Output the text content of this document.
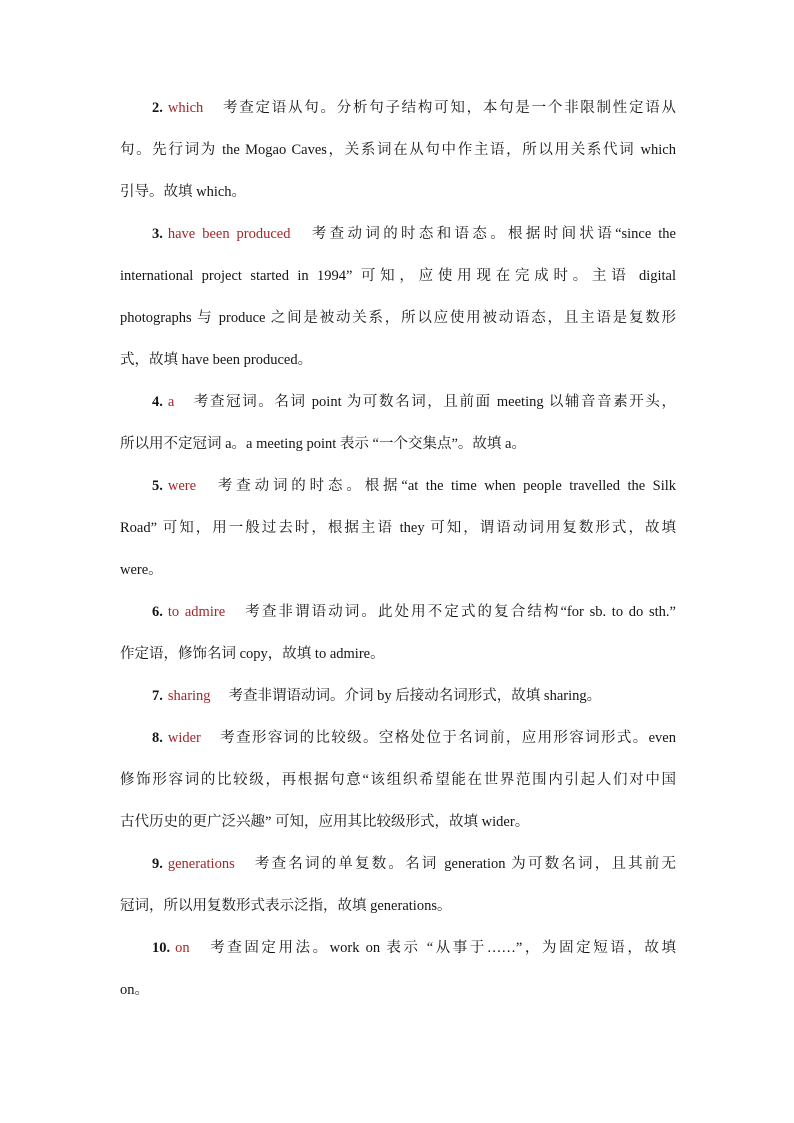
2. which 考查定语从句。分析句子结构可知，本句是一个非限制性定语从
句。先行词为 the Mogao Caves，关系词在从句中作主语，所以用关系代词 which
引导。故填 which。
3. have been produced 考查动词的时态和语态。根据时间状语“since the
international project started in 1994” 可知，应使用现在完成时。主语 digital
photographs 与 produce 之间是被动关系，所以应使用被动语态，且主语是复数形
式，故填 have been produced。
4. a 考查冠词。名词 point 为可数名词，且前面 meeting 以辅音音素开头，
所以用不定冠词 a。a meeting point 表示 “一个交集点”。故填 a。
5. were 考查动词的时态。根据“at the time when people travelled the Silk
Road” 可知，用一般过去时，根据主语 they 可知，谓语动词用复数形式，故填
were。
6. to admire 考查非谓语动词。此处用不定式的复合结构“for sb. to do sth.”
作定语，修饰名词 copy，故填 to admire。
7. sharing 考查非谓语动词。介词 by 后接动名词形式，故填 sharing。
8. wider 考查形容词的比较级。空格处位于名词前，应用形容词形式。even
修饰形容词的比较级，再根据句意“该组织希望能在世界范围内引起人们对中国
古代历史的更广泛兴趣” 可知，应用其比较级形式，故填 wider。
9. generations 考查名词的单复数。名词 generation 为可数名词，且其前无
冠词，所以用复数形式表示泛指，故填 generations。
10. on 考查固定用法。work on 表示 “从事于……”，为固定短语，故填
on。
